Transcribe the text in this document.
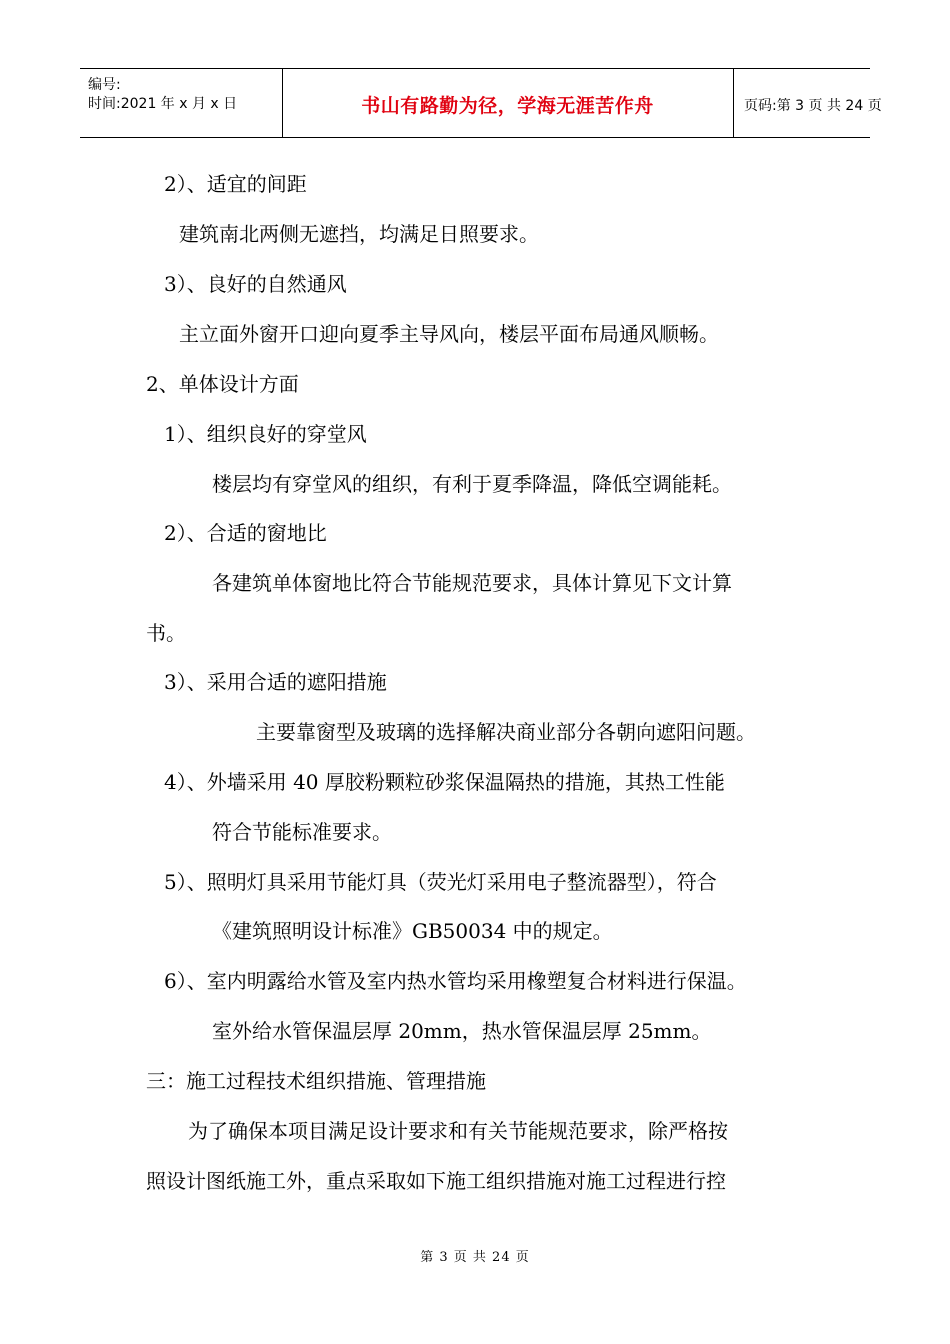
编号:
时间:2021 年 x 月 x 日	书山有路勤为径，学海无涯苦作舟	页码:第 3 页 共 24 页
2）、适宜的间距
建筑南北两侧无遮挡，均满足日照要求。
3）、良好的自然通风
主立面外窗开口迎向夏季主导风向，楼层平面布局通风顺畅。
2、单体设计方面
1）、组织良好的穿堂风
楼层均有穿堂风的组织，有利于夏季降温，降低空调能耗。
2）、合适的窗地比
各建筑单体窗地比符合节能规范要求，具体计算见下文计算
书。
3）、采用合适的遮阳措施
主要靠窗型及玻璃的选择解决商业部分各朝向遮阳问题。
4）、外墙采用 40 厚胶粉颗粒砂浆保温隔热的措施，其热工性能
符合节能标准要求。
5）、照明灯具采用节能灯具（荧光灯采用电子整流器型），符合
《建筑照明设计标准》GB50034 中的规定。
6）、室内明露给水管及室内热水管均采用橡塑复合材料进行保温。
室外给水管保温层厚 20mm，热水管保温层厚 25mm。
三：施工过程技术组织措施、管理措施
为了确保本项目满足设计要求和有关节能规范要求，除严格按
照设计图纸施工外，重点采取如下施工组织措施对施工过程进行控
第 3 页 共 24 页
